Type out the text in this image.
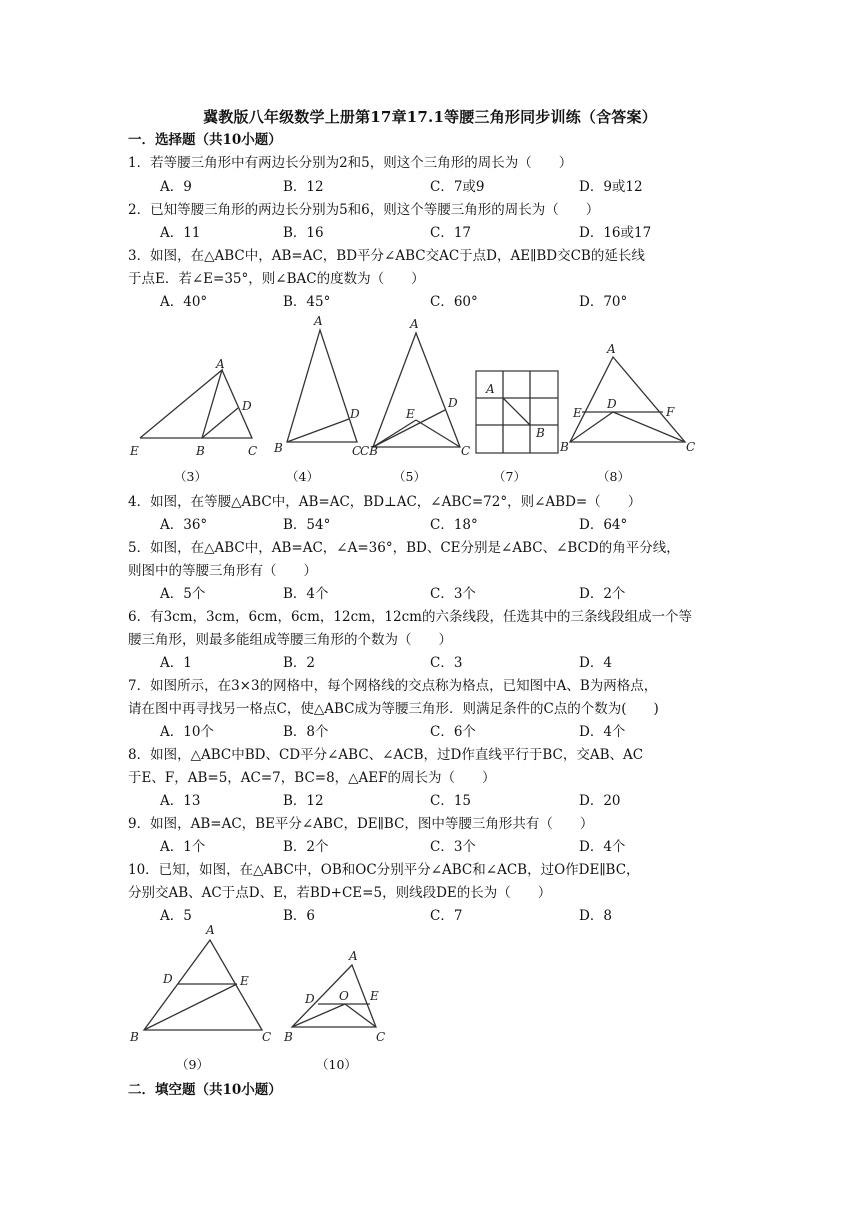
冀教版八年级数学上册第17章17.1等腰三角形同步训练（含答案）
一．选择题（共10小题）
1．若等腰三角形中有两边长分别为2和5，则这个三角形的周长为（　　）
A．9	B．12	C．7或9	D．9或12
2．已知等腰三角形的两边长分别为5和6，则这个等腰三角形的周长为（　　）
A．11	B．16	C．17	D．16或17
3．如图，在△ABC中，AB=AC，BD平分∠ABC交AC于点D，AE∥BD交CB的延长线
于点E．若∠E=35°，则∠BAC的度数为（　　）
A．40°	B．45°	C．60°	D．70°
A
D
E	B	C
A
D
B	C
A
D
E
CB	C
A
B
A
E
D
F
B	C
A
D	E
B	C
A
D O E
B	C
（3）	（4）	（5）	（7）	（8）
4．如图，在等腰△ABC中，AB=AC，BD⊥AC，∠ABC=72°，则∠ABD=（　　）
A．36°	B．54°	C．18°	D．64°
5．如图，在△ABC中，AB=AC，∠A=36°，BD、CE分别是∠ABC、∠BCD的角平分线，
则图中的等腰三角形有（　　）
A．5个	B．4个	C．3个	D．2个
6．有3cm，3cm，6cm，6cm，12cm，12cm的六条线段，任选其中的三条线段组成一个等
腰三角形，则最多能组成等腰三角形的个数为（　　）
A．1	B．2	C．3	D．4
7．如图所示，在3×3的网格中，每个网格线的交点称为格点，已知图中A、B为两格点，
请在图中再寻找另一格点C，使△ABC成为等腰三角形．则满足条件的C点的个数为(　　)
A．10个	B．8个	C．6个	D．4个
8．如图，△ABC中BD、CD平分∠ABC、∠ACB，过D作直线平行于BC，交AB、AC
于E、F，AB=5，AC=7，BC=8，△AEF的周长为（　　）
A．13	B．12	C．15	D．20
9．如图，AB=AC，BE平分∠ABC，DE∥BC，图中等腰三角形共有（　　）
A．1个	B．2个	C．3个	D．4个
10．已知，如图，在△ABC中，OB和OC分别平分∠ABC和∠ACB，过O作DE∥BC，
分别交AB、AC于点D、E，若BD+CE=5，则线段DE的长为（　　）
A．5	B．6	C．7	D．8
（9）	（10）
二．填空题（共10小题）
